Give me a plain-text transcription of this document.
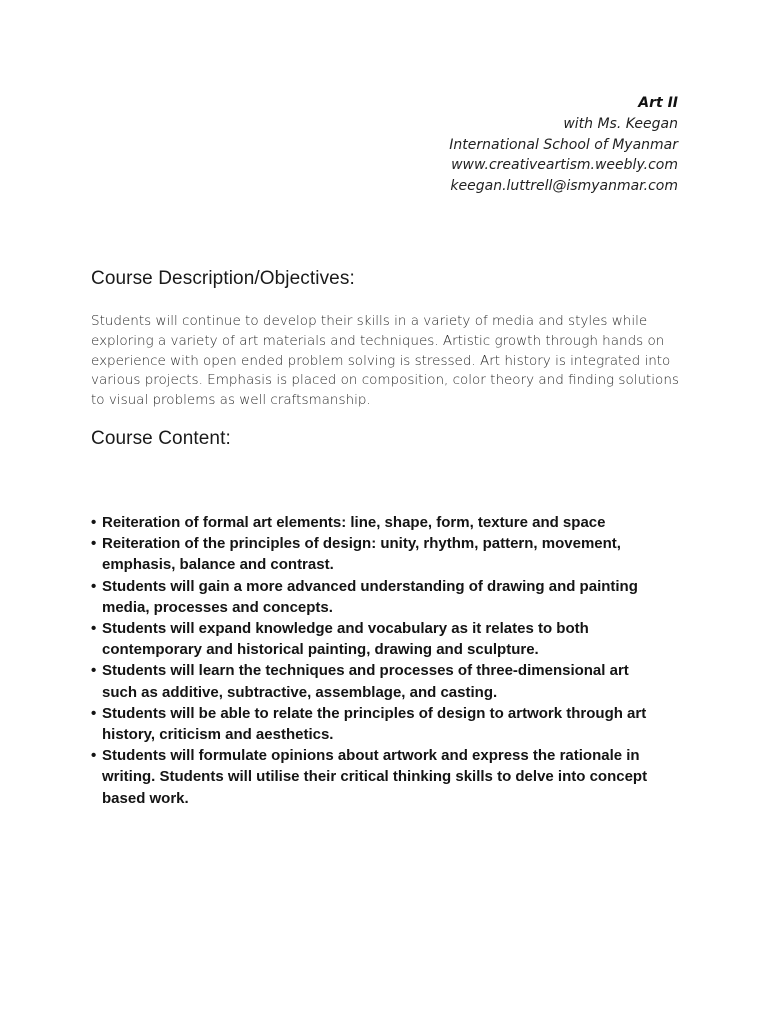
Art II
with Ms. Keegan
International School of Myanmar
www.creativeartism.weebly.com
keegan.luttrell@ismyanmar.com
Course Description/Objectives:

Students will continue to develop their skills in a variety of media and styles while
exploring a variety of art materials and techniques. Artistic growth through hands on
experience with open ended problem solving is stressed. Art history is integrated into
various projects. Emphasis is placed on composition, color theory and finding solutions
to visual problems as well craftsmanship.

Course Content:
• Reiteration of formal art elements: line, shape, form, texture and space
• Reiteration of the principles of design: unity, rhythm, pattern, movement,
emphasis, balance and contrast.
• Students will gain a more advanced understanding of drawing and painting
media, processes and concepts.
• Students will expand knowledge and vocabulary as it relates to both
contemporary and historical painting, drawing and sculpture.
• Students will learn the techniques and processes of three-dimensional art
such as additive, subtractive, assemblage, and casting.
• Students will be able to relate the principles of design to artwork through art
history, criticism and aesthetics.
• Students will formulate opinions about artwork and express the rationale in
writing. Students will utilise their critical thinking skills to delve into concept
based work.
